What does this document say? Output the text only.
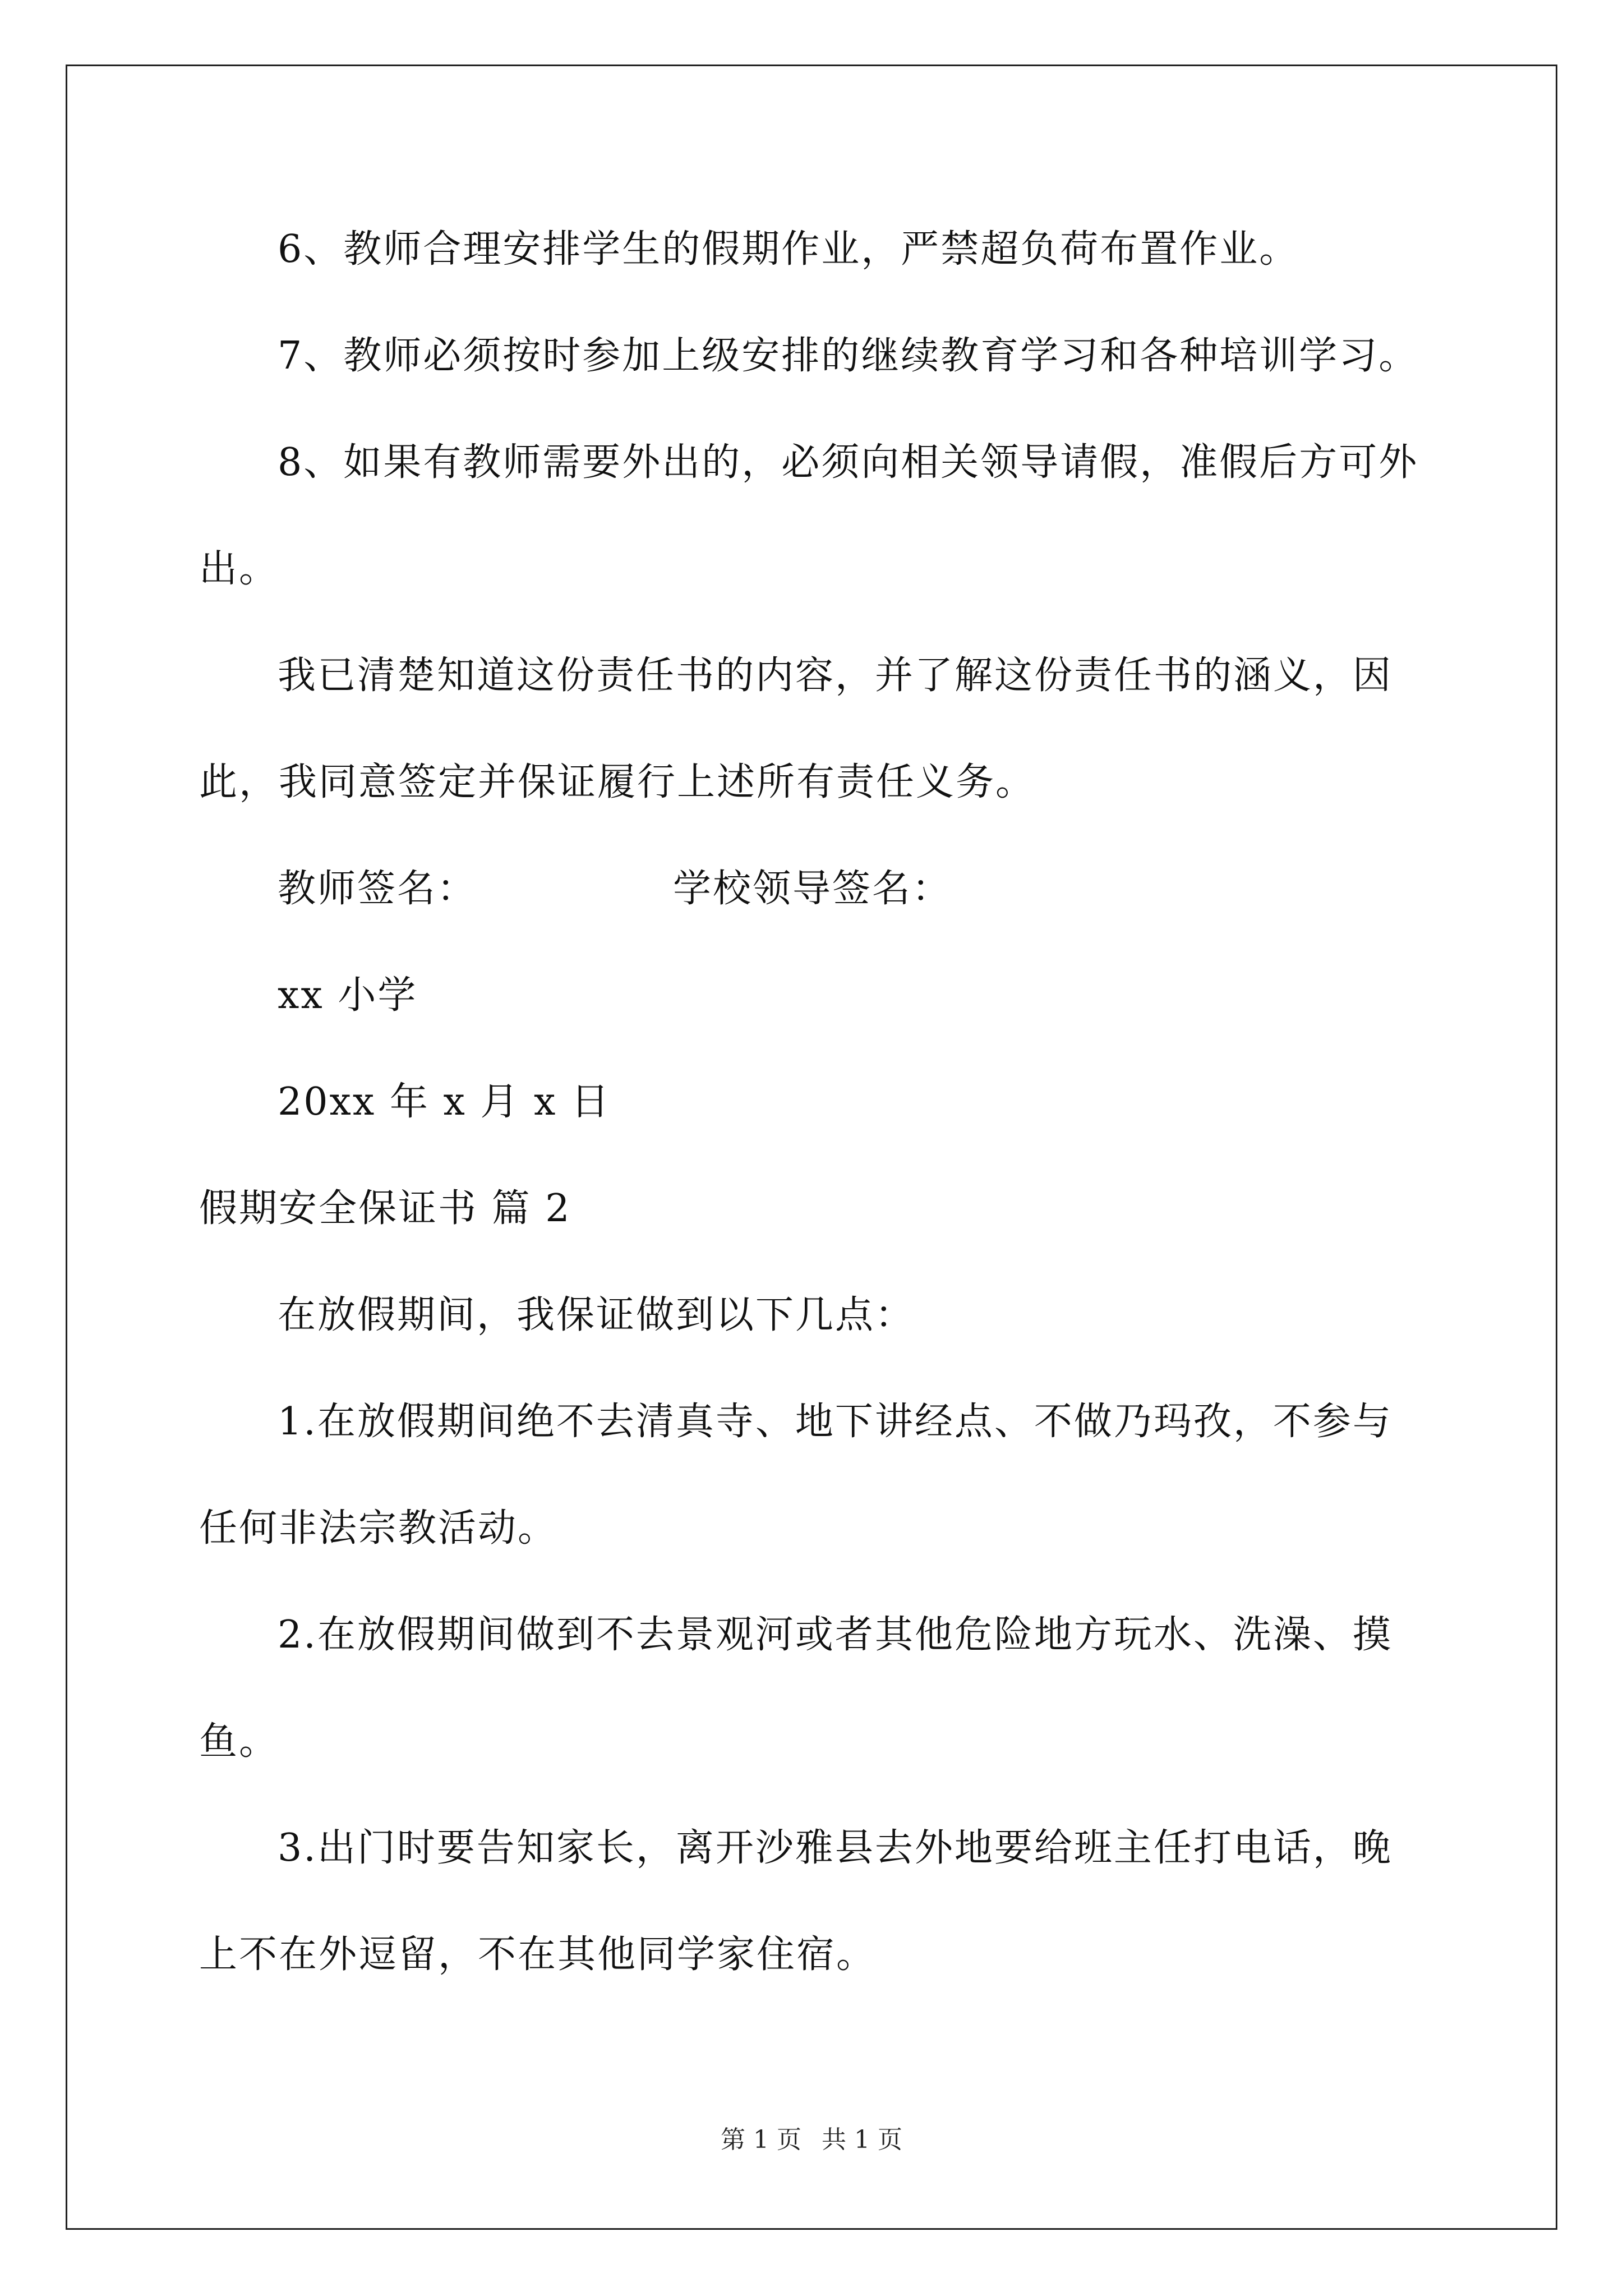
6、教师合理安排学生的假期作业，严禁超负荷布置作业。
7、教师必须按时参加上级安排的继续教育学习和各种培训学习。
8、如果有教师需要外出的，必须向相关领导请假，准假后方可外
出。
我已清楚知道这份责任书的内容，并了解这份责任书的涵义，因
此，我同意签定并保证履行上述所有责任义务。
教师签名：	学校领导签名：
xx 小学
20xx 年 x 月 x 日
假期安全保证书 篇 2
在放假期间，我保证做到以下几点：
1.在放假期间绝不去清真寺、地下讲经点、不做乃玛孜，不参与
任何非法宗教活动。
2.在放假期间做到不去景观河或者其他危险地方玩水、洗澡、摸
鱼。
3.出门时要告知家长，离开沙雅县去外地要给班主任打电话，晚
上不在外逗留，不在其他同学家住宿。
第 1 页 共 1 页
